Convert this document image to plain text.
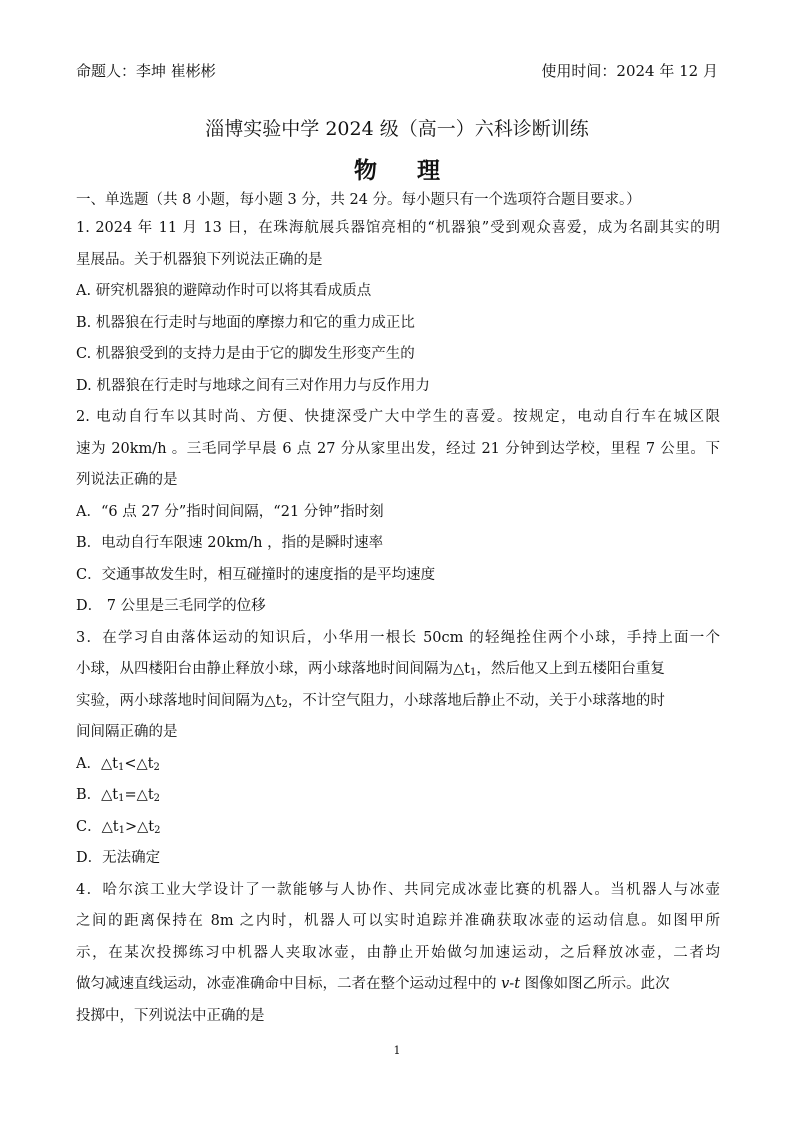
命题人：李坤 崔彬彬	使用时间：2024 年 12 月
淄博实验中学 2024 级（高一）六科诊断训练
物理
一、单选题（共 8 小题，每小题 3 分，共 24 分。每小题只有一个选项符合题目要求。）
1. 2024 年 11 月 13 日，在珠海航展兵器馆亮相的“机器狼”受到观众喜爱，成为名副其实的明
星展品。关于机器狼下列说法正确的是
A. 研究机器狼的避障动作时可以将其看成质点
B. 机器狼在行走时与地面的摩擦力和它的重力成正比
C. 机器狼受到的支持力是由于它的脚发生形变产生的
D. 机器狼在行走时与地球之间有三对作用力与反作用力
2. 电动自行车以其时尚、方便、快捷深受广大中学生的喜爱。按规定，电动自行车在城区限
速为 20km/h 。三毛同学早晨 6 点 27 分从家里出发，经过 21 分钟到达学校，里程 7 公里。下
列说法正确的是
A．“6 点 27 分”指时间间隔，“21 分钟”指时刻
B．电动自行车限速 20km/h ，指的是瞬时速率
C．交通事故发生时，相互碰撞时的速度指的是平均速度
D． 7 公里是三毛同学的位移
3．在学习自由落体运动的知识后，小华用一根长 50cm 的轻绳拴住两个小球，手持上面一个
小球，从四楼阳台由静止释放小球，两小球落地时间间隔为$\triangle t_1$，然后他又上到五楼阳台重复
实验，两小球落地时间间隔为$\triangle t_2$，不计空气阻力，小球落地后静止不动，关于小球落地的时
间间隔正确的是
A．$\triangle t_1<\triangle t_2$
B．$\triangle t_1=\triangle t_2$
C．$\triangle t_1>\triangle t_2$
D．无法确定
4．哈尔滨工业大学设计了一款能够与人协作、共同完成冰壶比赛的机器人。当机器人与冰壶
之间的距离保持在 8m 之内时，机器人可以实时追踪并准确获取冰壶的运动信息。如图甲所
示，在某次投掷练习中机器人夹取冰壶，由静止开始做匀加速运动，之后释放冰壶，二者均
做匀减速直线运动，冰壶准确命中目标，二者在整个运动过程中的 v-t 图像如图乙所示。此次
投掷中，下列说法中正确的是
1
